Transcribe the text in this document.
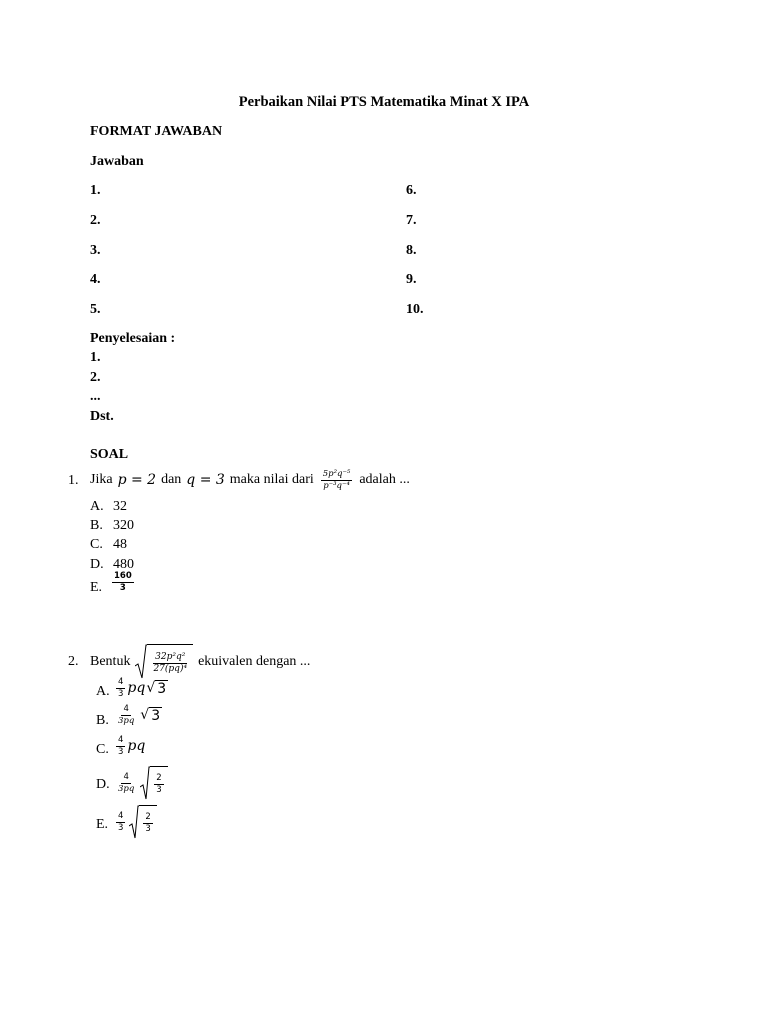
Perbaikan Nilai PTS Matematika Minat X IPA
FORMAT JAWABAN
Jawaban
1.
2.
3.
4.
5.
6.
7.
8.
9.
10.
Penyelesaian :
1.
2.
...
Dst.
SOAL
1. Jika p = 2 dan q = 3 maka nilai dari $\frac{\text{5p²q⁻⁵}}{\text{p⁻³q⁻⁴}}$ adalah ...
A. 32
B. 320
C. 48
D. 480
E. $\frac{160}{3}$
2. Bentuk $\frac{\text{32p²q²}}{\text{27(pq)⁴}}$ ekuivalen dengan ...
A. $\frac{4}{3}$ pq √ 3
B. $\frac{4}{3pq}$ √ 3
C. $\frac{4}{3}$ pq
D. $\frac{4}{3pq} \frac{2}{3}$
E. $\frac{4}{3} \frac{2}{3}$
